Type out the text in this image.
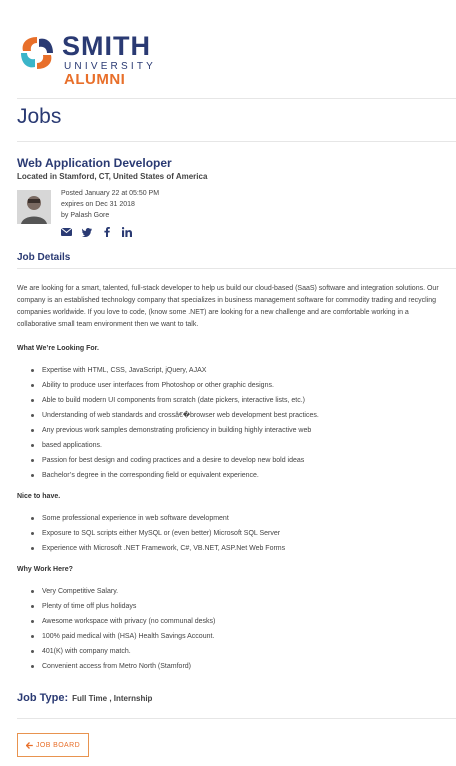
SMITH
UNIVERSITY
ALUMNI
Jobs
Web Application Developer
Located in Stamford, CT, United States of America
Posted January 22 at 05:50 PM
expires on Dec 31 2018
by Palash Gore
Job Details

We are looking for a smart, talented, full-stack developer to help us build our cloud-based (SaaS) software and integration solutions. Our company is an established technology company that specializes in business management software for commodity trading and recycling companies worldwide. If you love to code, (know some .NET) are looking for a new challenge and are comfortable working in a collaborative small team environment then we want to talk.

What We’re Looking For.
Expertise with HTML, CSS, JavaScript, jQuery, AJAX
Ability to produce user interfaces from Photoshop or other graphic designs.
Able to build modern UI components from scratch (date pickers, interactive lists, etc.)
Understanding of web standards and crossâ€�browser web development best practices.
Any previous work samples demonstrating proficiency in building highly interactive web
based applications.
Passion for best design and coding practices and a desire to develop new bold ideas
Bachelor’s degree in the corresponding field or equivalent experience.
Nice to have.
Some professional experience in web software development
Exposure to SQL scripts either MySQL or (even better) Microsoft SQL Server
Experience with Microsoft .NET Framework, C#, VB.NET, ASP.Net Web Forms
Why Work Here?
Very Competitive Salary.
Plenty of time off plus holidays
Awesome workspace with privacy (no communal desks)
100% paid medical with (HSA) Health Savings Account.
401(K) with company match.
Convenient access from Metro North (Stamford)
Job Type: Full Time , Internship
JOB BOARD
